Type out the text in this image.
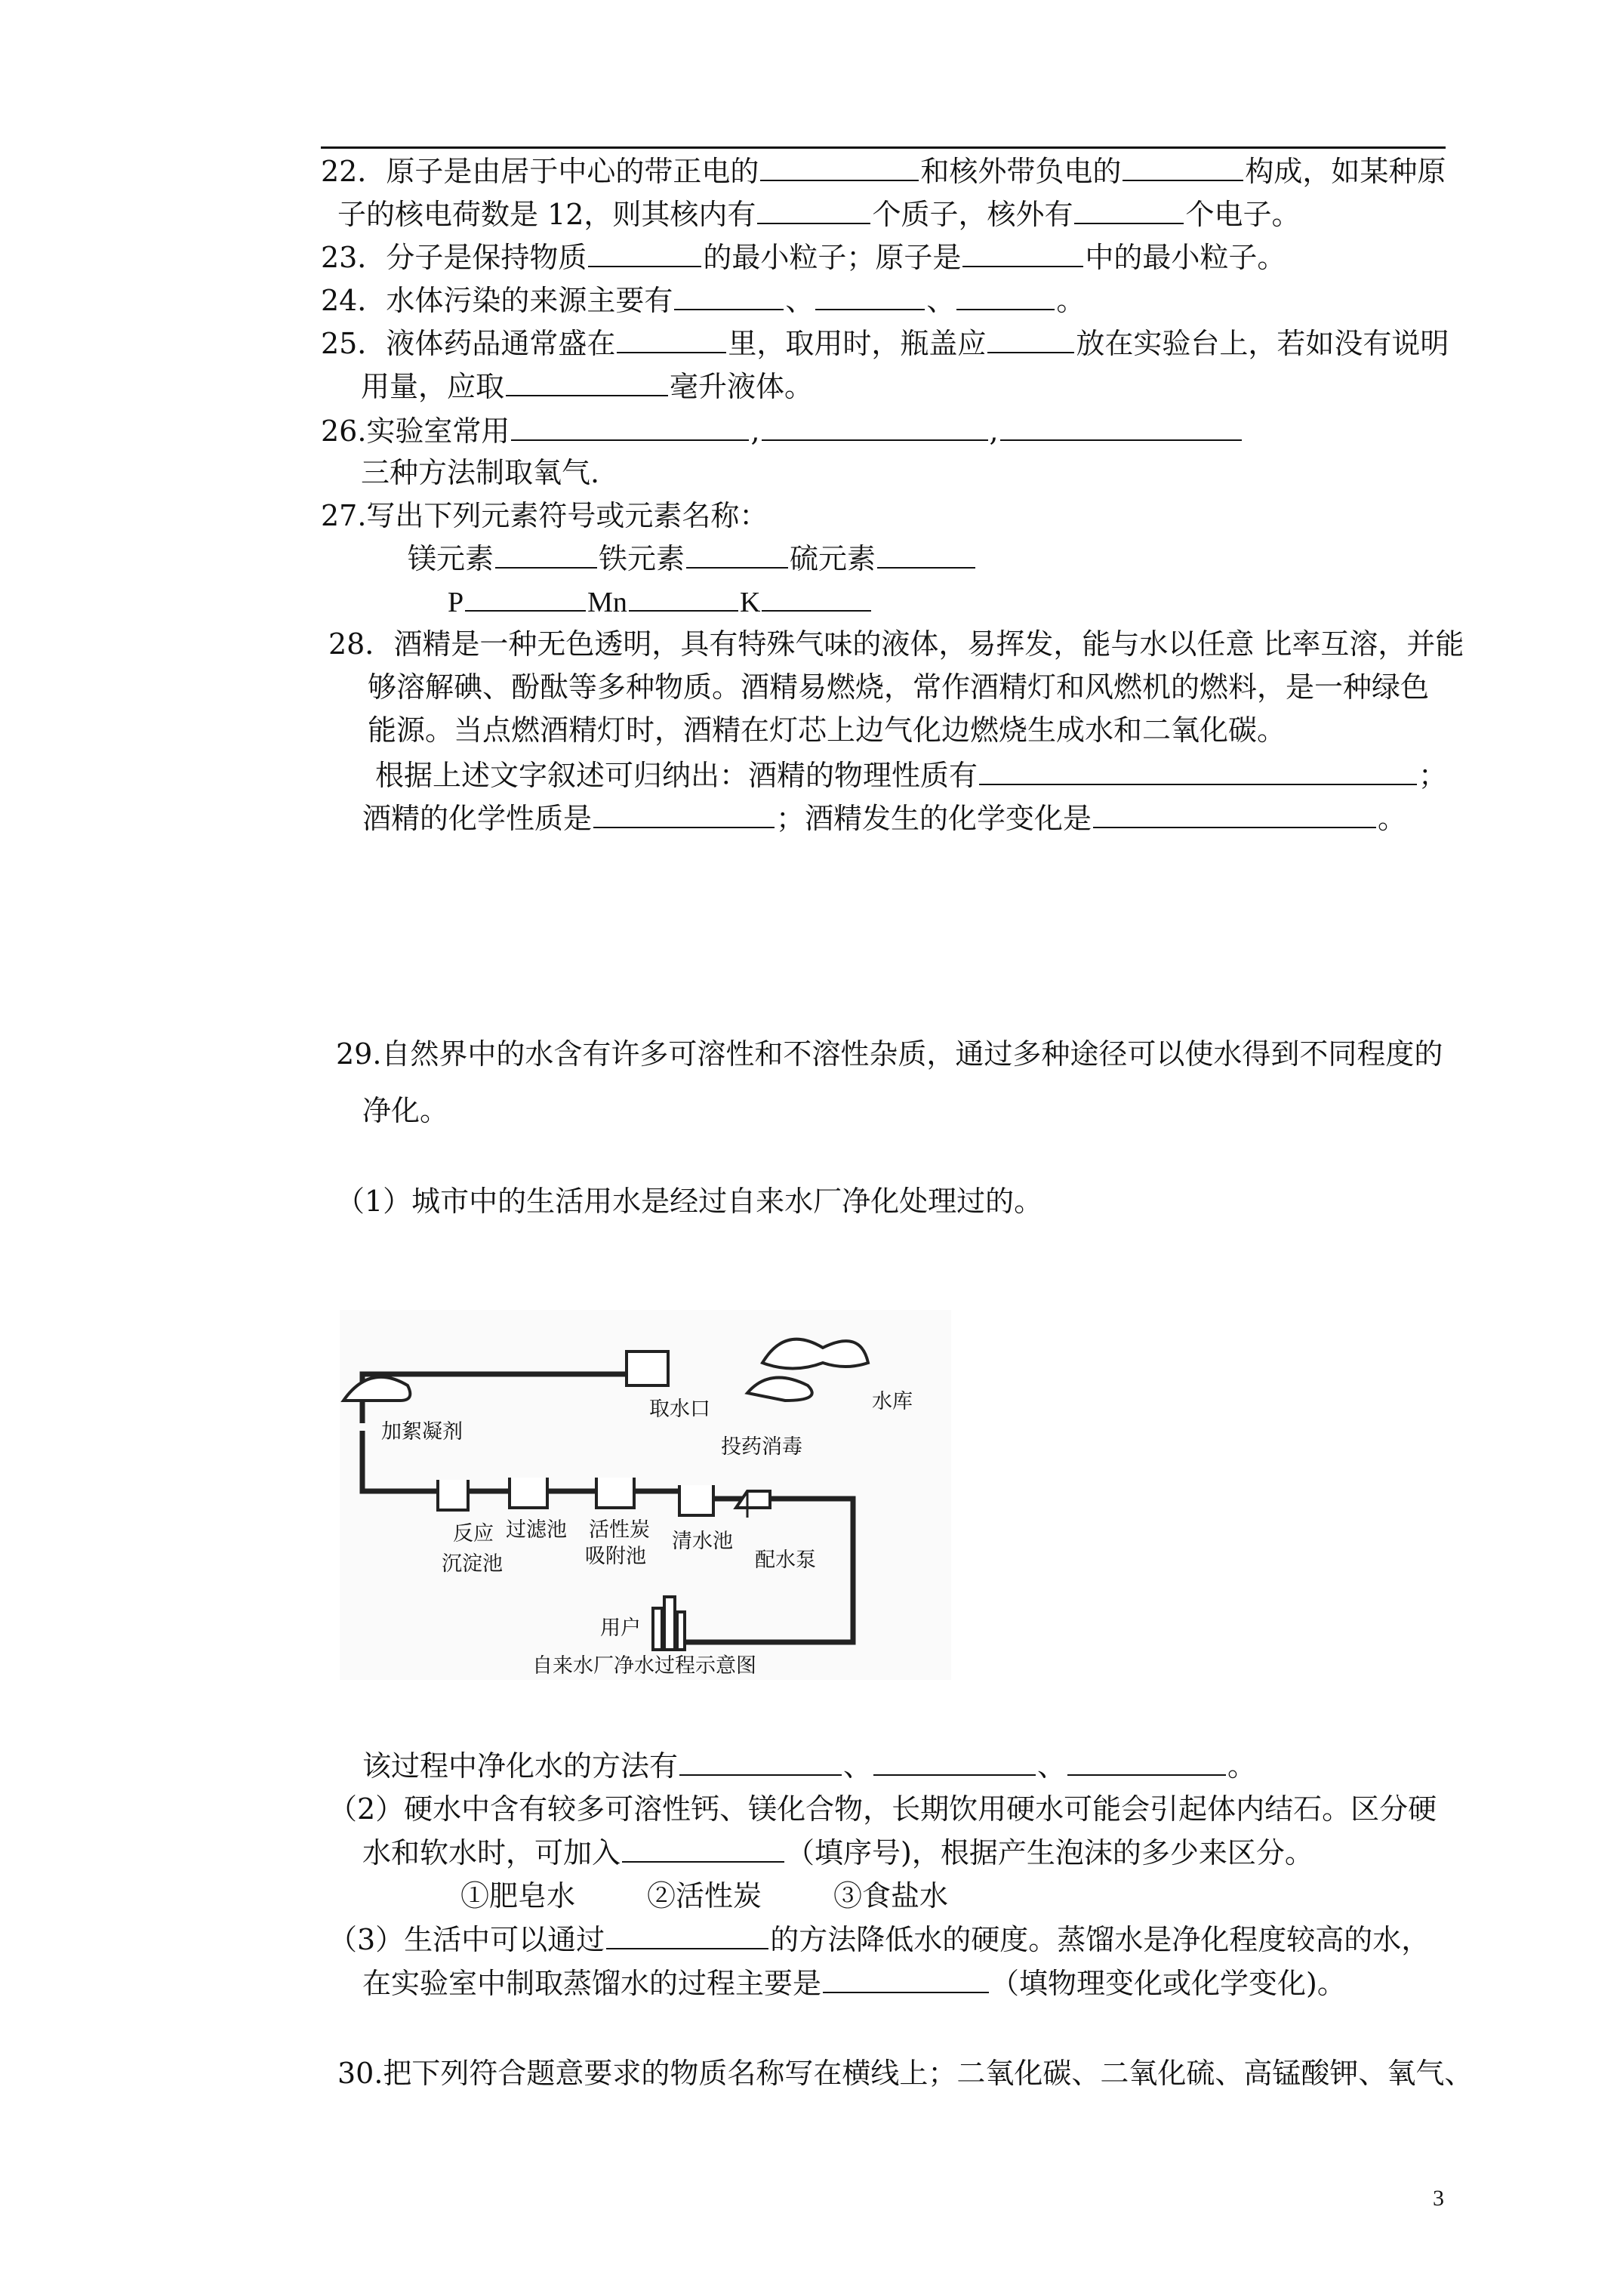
22．原子是由居于中心的带正电的	和核外带负电的	构成，如某种原
子的核电荷数是 12，则其核内有	个质子，核外有	个电子。
23．分子是保持物质	的最小粒子；原子是	中的最小粒子。
24．水体污染的来源主要有	、	、	。
25．液体药品通常盛在	里，取用时，瓶盖应	放在实验台上，若如没有说明
用量，应取	毫升液体。
26.实验室常用	,	,
三种方法制取氧气.
27.写出下列元素符号或元素名称：
镁元素	铁元素	硫元素
P	Mn	K
28．酒精是一种无色透明，具有特殊气味的液体，易挥发，能与水以任意 比率互溶，并能
够溶解碘、酚酞等多种物质。酒精易燃烧，常作酒精灯和风燃机的燃料，是一种绿色
能源。当点燃酒精灯时，酒精在灯芯上边气化边燃烧生成水和二氧化碳。
根据上述文字叙述可归纳出：酒精的物理性质有	；
酒精的化学性质是	；酒精发生的化学变化是	。
29.自然界中的水含有许多可溶性和不溶性杂质，通过多种途径可以使水得到不同程度的
净化。
（1）城市中的生活用水是经过自来水厂净化处理过的。
加絮凝剂
取水口	水库
投药消毒
反应
沉淀池
过滤池 活性炭
吸附池
清水池
配水泵
用户
自来水厂净水过程示意图
该过程中净化水的方法有	、	、	。
（2）硬水中含有较多可溶性钙、镁化合物，长期饮用硬水可能会引起体内结石。区分硬
水和软水时，可加入	（填序号)，根据产生泡沫的多少来区分。
①肥皂水	②活性炭	③食盐水
（3）生活中可以通过	的方法降低水的硬度。蒸馏水是净化程度较高的水，
在实验室中制取蒸馏水的过程主要是	（填物理变化或化学变化)。
30.把下列符合题意要求的物质名称写在横线上；二氧化碳、二氧化硫、高锰酸钾、氧气、
3
